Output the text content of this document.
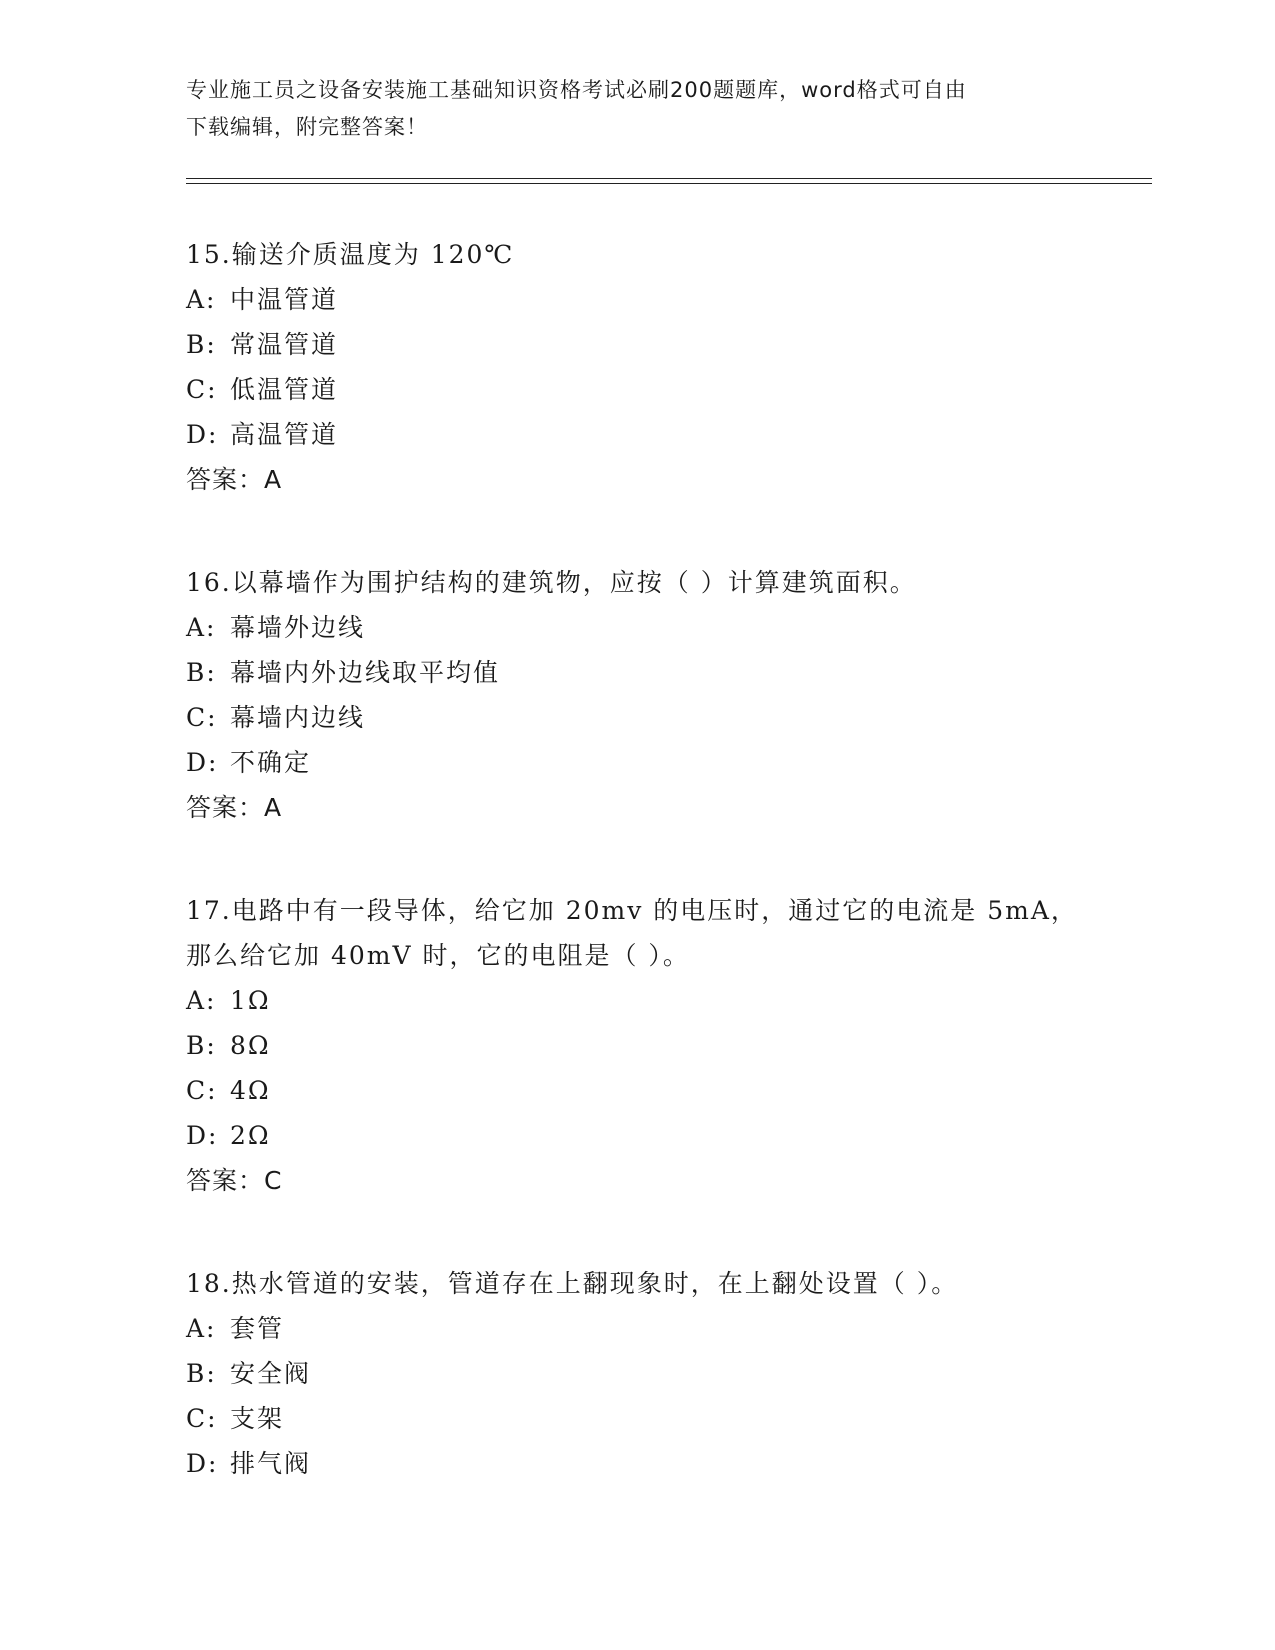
专业施工员之设备安装施工基础知识资格考试必刷200题题库，word格式可自由
下载编辑，附完整答案！
15.输送介质温度为 120℃
A: 中温管道
B: 常温管道
C: 低温管道
D: 高温管道
答案：A
16.以幕墙作为围护结构的建筑物，应按（ ）计算建筑面积。
A: 幕墙外边线
B: 幕墙内外边线取平均值
C: 幕墙内边线
D: 不确定
答案：A
17.电路中有一段导体，给它加 20mv 的电压时，通过它的电流是 5mA，
那么给它加 40mV 时，它的电阻是（ ）。
A: 1Ω
B: 8Ω
C: 4Ω
D: 2Ω
答案：C
18.热水管道的安装，管道存在上翻现象时，在上翻处设置（ ）。
A: 套管
B: 安全阀
C: 支架
D: 排气阀
